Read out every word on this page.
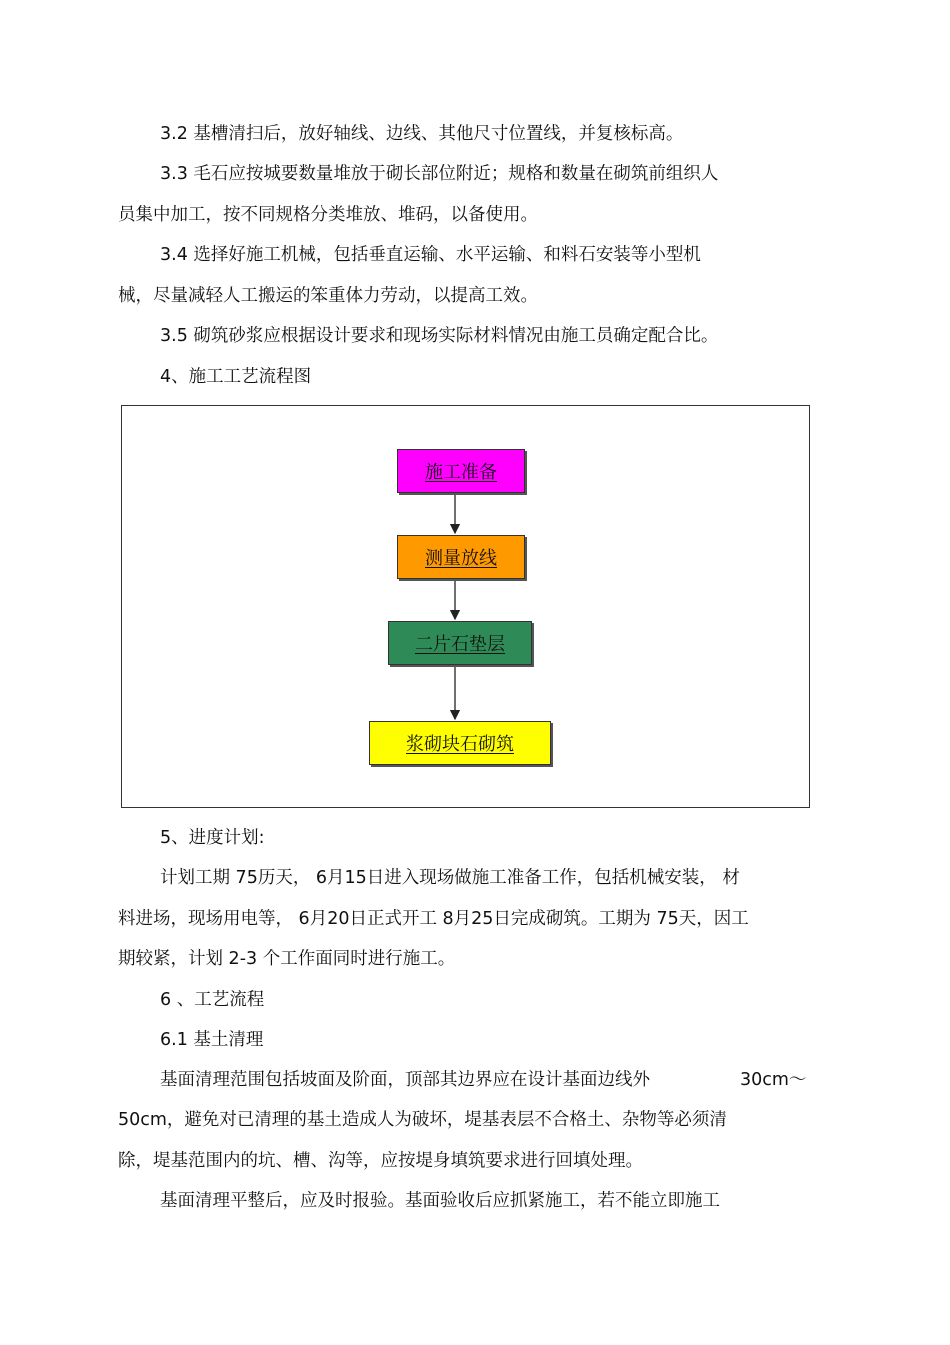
3.2 基槽清扫后，放好轴线、边线、其他尺寸位置线，并复核标高。
3.3 毛石应按城要数量堆放于砌长部位附近；规格和数量在砌筑前组织人
员集中加工，按不同规格分类堆放、堆码，以备使用。
3.4 选择好施工机械，包括垂直运输、水平运输、和料石安装等小型机
械，尽量减轻人工搬运的笨重体力劳动，以提高工效。
3.5 砌筑砂浆应根据设计要求和现场实际材料情况由施工员确定配合比。
4、施工工艺流程图
施工准备
测量放线
二片石垫层
浆砌块石砌筑
5、进度计划:
计划工期 75历天， 6月15日进入现场做施工准备工作，包括机械安装， 材
料进场，现场用电等， 6月20日正式开工 8月25日完成砌筑。工期为 75天，因工
期较紧，计划 2-3 个工作面同时进行施工。
6 、工艺流程
6.1 基土清理
基面清理范围包括坡面及阶面，顶部其边界应在设计基面边线外	30cm～
50cm，避免对已清理的基土造成人为破坏，堤基表层不合格土、杂物等必须清
除，堤基范围内的坑、槽、沟等，应按堤身填筑要求进行回填处理。
基面清理平整后，应及时报验。基面验收后应抓紧施工，若不能立即施工
